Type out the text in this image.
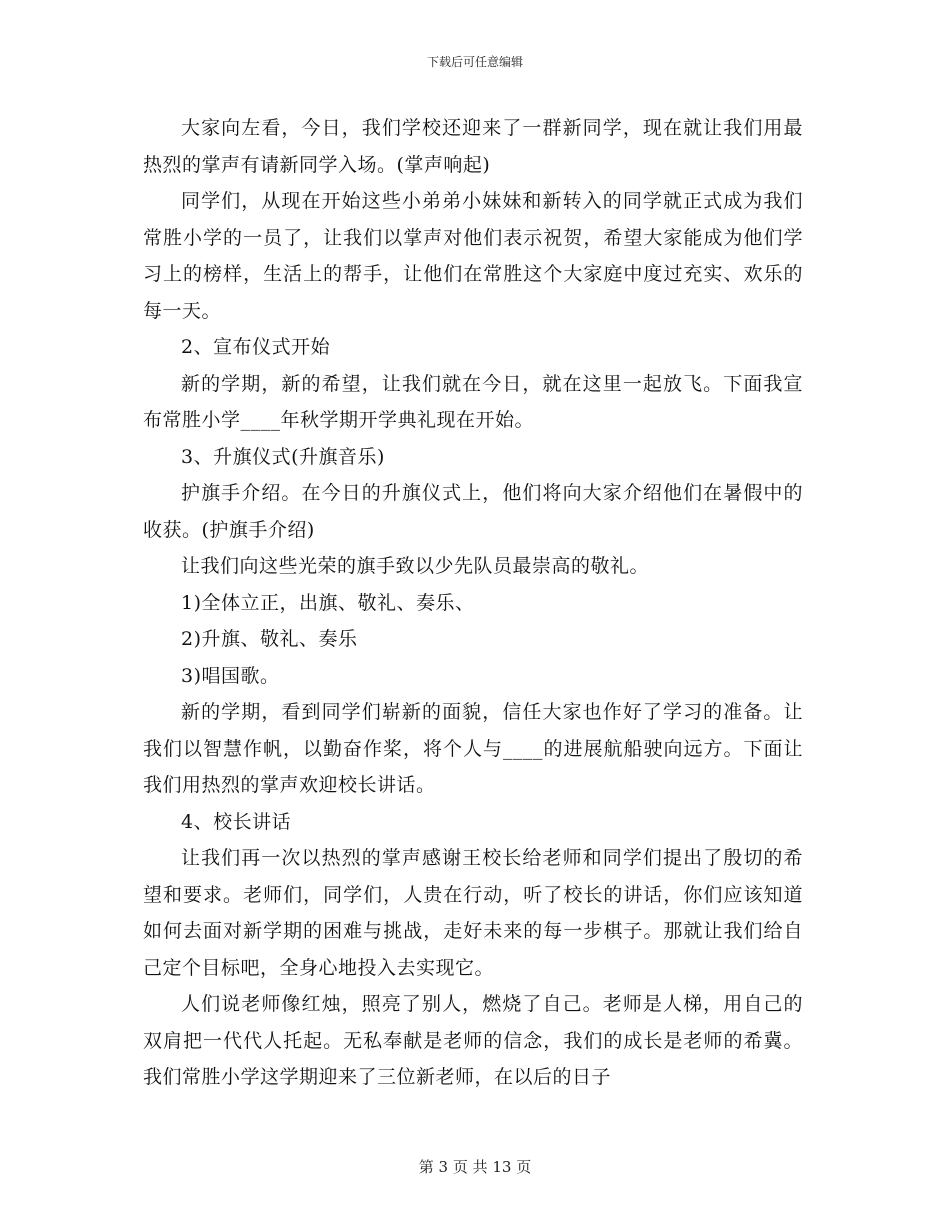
下载后可任意编辑

大家向左看，今日，我们学校还迎来了一群新同学，现在就让我们用最热烈的掌声有请新同学入场。(掌声响起)

同学们，从现在开始这些小弟弟小妹妹和新转入的同学就正式成为我们常胜小学的一员了，让我们以掌声对他们表示祝贺，希望大家能成为他们学习上的榜样，生活上的帮手，让他们在常胜这个大家庭中度过充实、欢乐的每一天。

2、宣布仪式开始

新的学期，新的希望，让我们就在今日，就在这里一起放飞。下面我宣布常胜小学____年秋学期开学典礼现在开始。

3、升旗仪式(升旗音乐)

护旗手介绍。在今日的升旗仪式上，他们将向大家介绍他们在暑假中的收获。(护旗手介绍)

让我们向这些光荣的旗手致以少先队员最崇高的敬礼。

1)全体立正，出旗、敬礼、奏乐、

2)升旗、敬礼、奏乐

3)唱国歌。

新的学期，看到同学们崭新的面貌，信任大家也作好了学习的准备。让我们以智慧作帆，以勤奋作桨，将个人与____的进展航船驶向远方。下面让我们用热烈的掌声欢迎校长讲话。

4、校长讲话

让我们再一次以热烈的掌声感谢王校长给老师和同学们提出了殷切的希望和要求。老师们，同学们，人贵在行动，听了校长的讲话，你们应该知道如何去面对新学期的困难与挑战，走好未来的每一步棋子。那就让我们给自己定个目标吧，全身心地投入去实现它。

人们说老师像红烛，照亮了别人，燃烧了自己。老师是人梯，用自己的双肩把一代代人托起。无私奉献是老师的信念，我们的成长是老师的希冀。我们常胜小学这学期迎来了三位新老师，在以后的日子

第 3 页 共 13 页
